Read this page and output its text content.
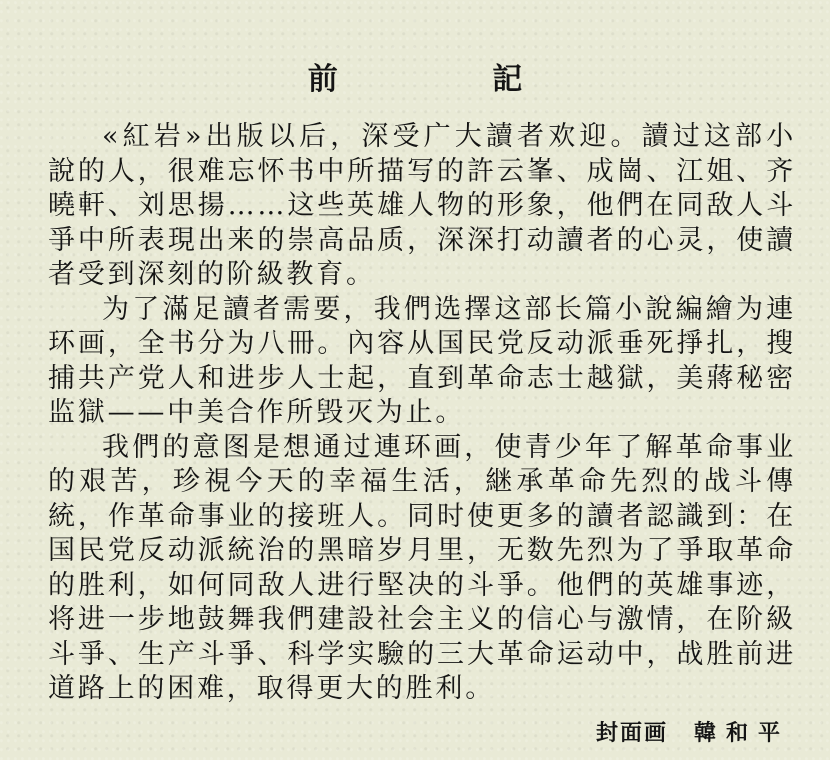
前 記

«紅岩»出版以后，深受广大讀者欢迎。讀过这部小說的人，很难忘怀书中所描写的許云峯、成崗、江姐、齐曉軒、刘思揚……这些英雄人物的形象，他們在同敌人斗爭中所表現出来的崇高品质，深深打动讀者的心灵，使讀者受到深刻的阶級教育。

为了滿足讀者需要，我們选擇这部长篇小說編繪为連环画，全书分为八冊。內容从国民党反动派垂死掙扎，搜捕共产党人和进步人士起，直到革命志士越獄，美蔣秘密监獄——中美合作所毁灭为止。

我們的意图是想通过連环画，使青少年了解革命事业的艰苦，珍視今天的幸福生活，継承革命先烈的战斗傳統，作革命事业的接班人。同时使更多的讀者認識到：在国民党反动派統治的黑暗岁月里，无数先烈为了爭取革命的胜利，如何同敌人进行堅决的斗爭。他們的英雄事迹，将进一步地鼓舞我們建設社会主义的信心与激情，在阶級斗爭、生产斗爭、科学实驗的三大革命运动中，战胜前进道路上的困难，取得更大的胜利。

封面画 韓和平
